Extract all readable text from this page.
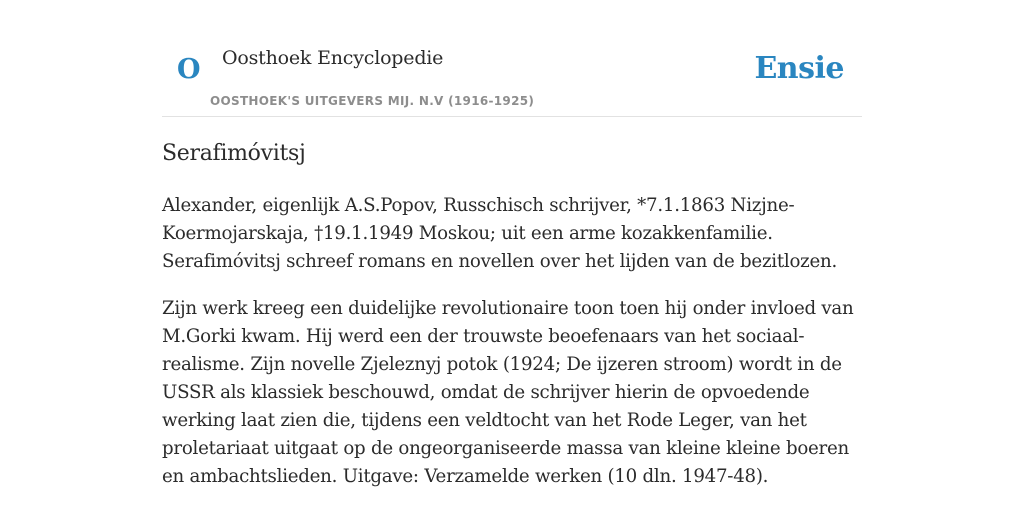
O Oosthoek Encyclopedie
OOSTHOEK'S UITGEVERS MIJ. N.V (1916-1925)
Ensie
Serafimóvitsj

Alexander, eigenlijk A.S.Popov, Russchisch schrijver, *7.1.1863 Nizjne-Koermojarskaja, †19.1.1949 Moskou; uit een arme kozakkenfamilie. Serafimóvitsj schreef romans en novellen over het lijden van de bezitlozen.

Zijn werk kreeg een duidelijke revolutionaire toon toen hij onder invloed van M.Gorki kwam. Hij werd een der trouwste beoefenaars van het sociaal-realisme. Zijn novelle Zjeleznyj potok (1924; De ijzeren stroom) wordt in de USSR als klassiek beschouwd, omdat de schrijver hierin de opvoedende werking laat zien die, tijdens een veldtocht van het Rode Leger, van het proletariaat uitgaat op de ongeorganiseerde massa van kleine kleine boeren en ambachtslieden. Uitgave: Verzamelde werken (10 dln. 1947-48).
